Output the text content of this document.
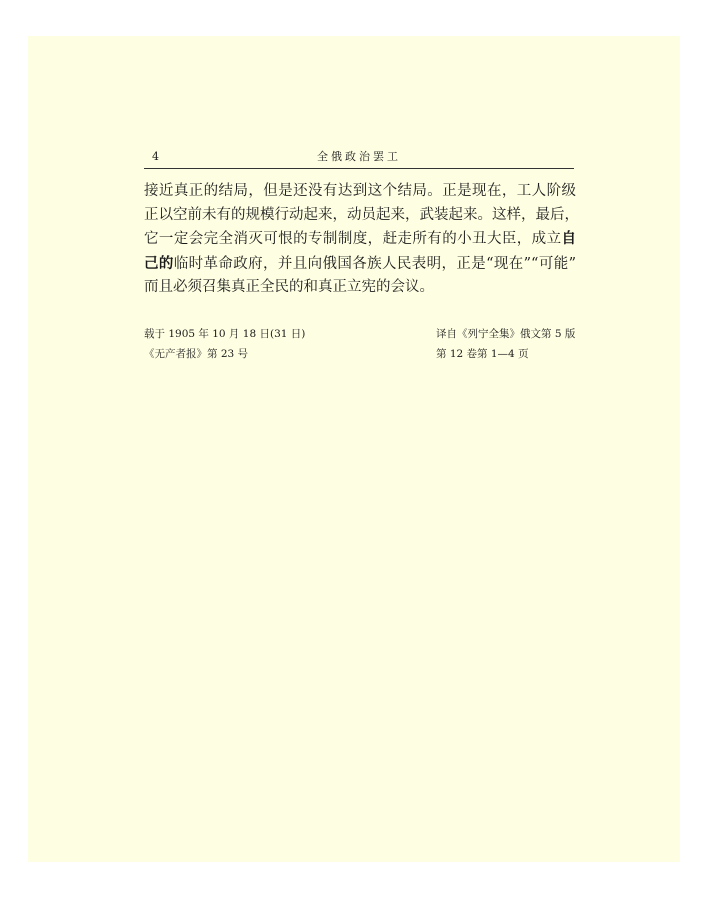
4	全俄政治罢工
接近真正的结局，但是还没有达到这个结局。正是现在，工人阶级
正以空前未有的规模行动起来，动员起来，武装起来。这样，最后，
它一定会完全消灭可恨的专制制度，赶走所有的小丑大臣，成立自
己的临时革命政府，并且向俄国各族人民表明，正是“现在”“可能”
而且必须召集真正全民的和真正立宪的会议。
载于 1905 年 10 月 18 日(31 日)
《无产者报》第 23 号
译自《列宁全集》俄文第 5 版
第 12 卷第 1—4 页
